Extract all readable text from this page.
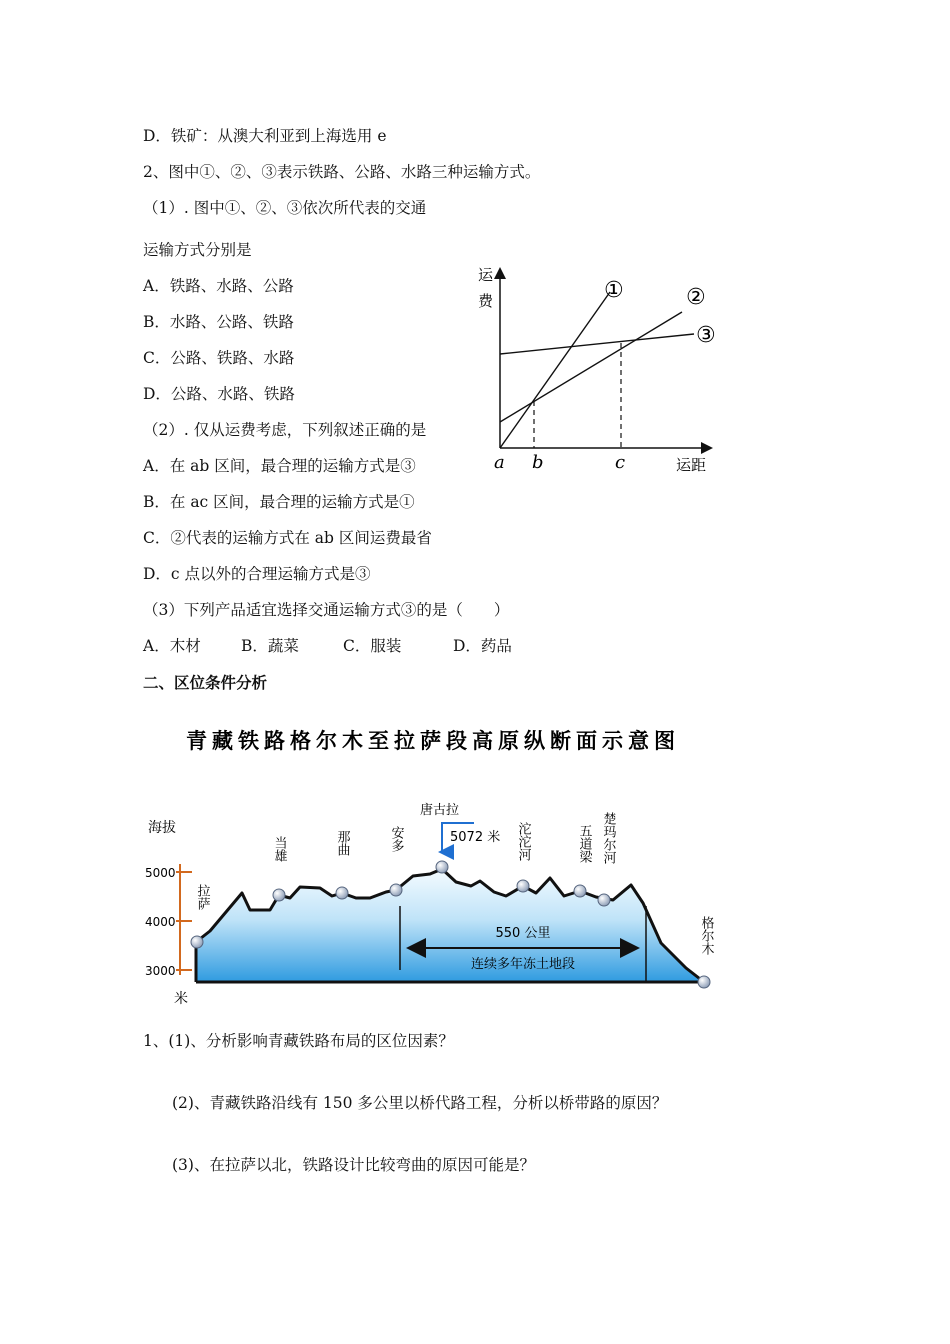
D．铁矿：从澳大利亚到上海选用 e
2、图中①、②、③表示铁路、公路、水路三种运输方式。
（1）. 图中①、②、③依次所代表的交通
运输方式分别是
A．铁路、水路、公路
B．水路、公路、铁路
C．公路、铁路、水路
D．公路、水路、铁路
（2）. 仅从运费考虑，下列叙述正确的是
A．在 ab 区间，最合理的运输方式是③
B．在 ac 区间，最合理的运输方式是①
C．②代表的运输方式在 ab 区间运费最省
D．c 点以外的合理运输方式是③
（3）下列产品适宜选择交通运输方式③的是（　　）
A．木材	B．蔬菜	C．服装	D．药品
二、区位条件分析
运
费
运距
①	②
③
a b	c
青藏铁路格尔木至拉萨段高原纵断面示意图
海拔
5000
4000
3000
米
拉萨
当雄	那曲	安多	沱沱河	五道梁 楚玛尔河
格尔木
唐古拉
5072 米
550 公里
连续多年冻土地段
1、(1)、分析影响青藏铁路布局的区位因素？
(2)、青藏铁路沿线有 150 多公里以桥代路工程，分析以桥带路的原因？
(3)、在拉萨以北，铁路设计比较弯曲的原因可能是？
